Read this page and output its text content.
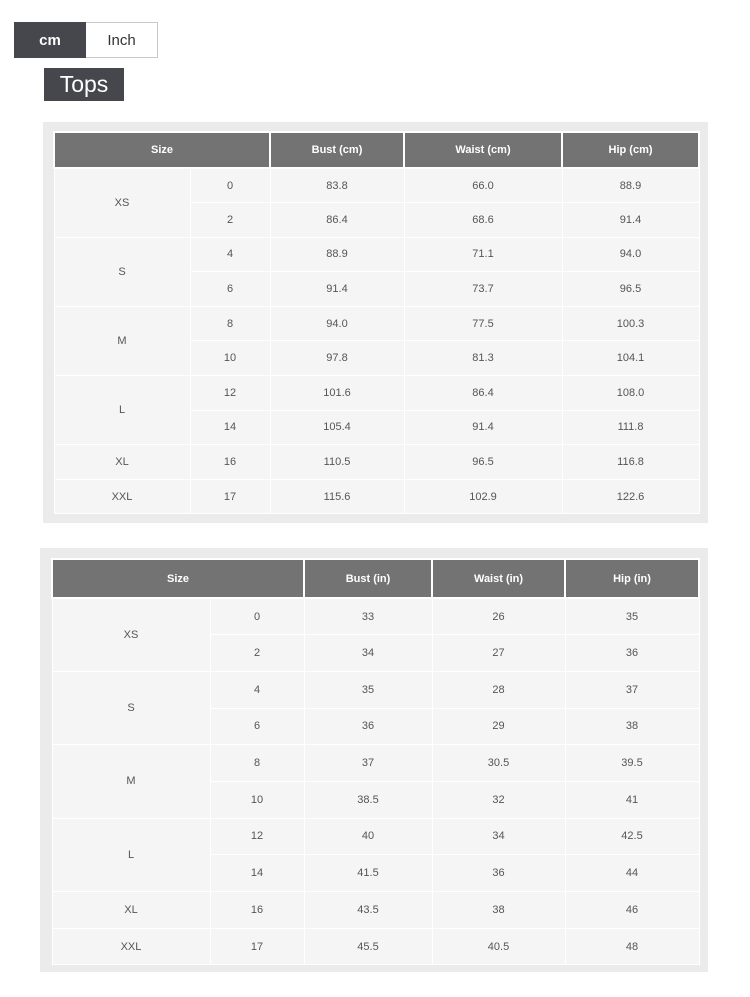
cm	Inch
Tops
Size		Bust (cm)	Waist (cm)	Hip (cm)
XS	0	83.8	66.0	88.9
	2	86.4	68.6	91.4
S	4	88.9	71.1	94.0
	6	91.4	73.7	96.5
M	8	94.0	77.5	100.3
	10	97.8	81.3	104.1
L	12	101.6	86.4	108.0
	14	105.4	91.4	111.8
XL	16	110.5	96.5	116.8
XXL	17	115.6	102.9	122.6
Size		Bust (in)	Waist (in)	Hip (in)
XS	0	33	26	35
	2	34	27	36
S	4	35	28	37
	6	36	29	38
M	8	37	30.5	39.5
	10	38.5	32	41
L	12	40	34	42.5
	14	41.5	36	44
XL	16	43.5	38	46
XXL	17	45.5	40.5	48
